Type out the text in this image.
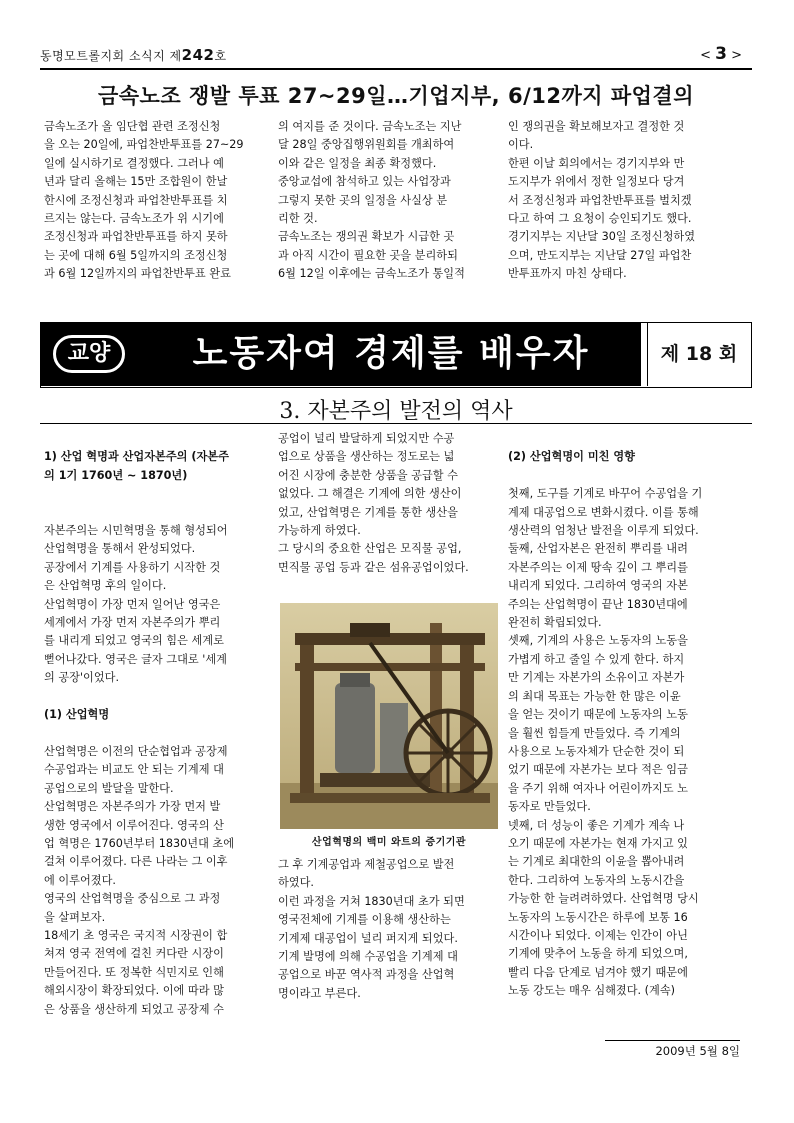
동명모트롤지회 소식지 제242호	< 3 >
금속노조 쟁발 투표 27~29일…기업지부, 6/12까지 파업결의
금속노조가 올 임단협 관련 조정신청
을 오는 20일에, 파업찬반투표를 27~29
일에 실시하기로 결정했다. 그러나 예
년과 달리 올해는 15만 조합원이 한날
한시에 조정신청과 파업찬반투표를 치
르지는 않는다. 금속노조가 위 시기에
조정신청과 파업찬반투표를 하지 못하
는 곳에 대해 6월 5일까지의 조정신청
과 6월 12일까지의 파업찬반투표 완료
의 여지를 준 것이다. 금속노조는 지난
달 28일 중앙집행위원회를 개최하여
이와 같은 일정을 최종 확정했다.
중앙교섭에 참석하고 있는 사업장과
그렇지 못한 곳의 일정을 사실상 분
리한 것.
금속노조는 쟁의권 확보가 시급한 곳
과 아직 시간이 필요한 곳을 분리하되
6월 12일 이후에는 금속노조가 통일적
인 쟁의권을 확보해보자고 결정한 것
이다.
한편 이날 회의에서는 경기지부와 만
도지부가 위에서 정한 일정보다 당겨
서 조정신청과 파업찬반투표를 벌치겠
다고 하여 그 요청이 승인되기도 했다.
경기지부는 지난달 30일 조정신청하였
으며, 만도지부는 지난달 27일 파업찬
반투표까지 마친 상태다.
교양	노동자여 경제를 배우자	제 18 회
3. 자본주의 발전의 역사

1) 산업 혁명과 산업자본주의 (자본주
의 1기 1760년 ~ 1870년)

자본주의는 시민혁명을 통해 형성되어
산업혁명을 통해서 완성되었다.
공장에서 기계를 사용하기 시작한 것
은 산업혁명 후의 일이다.
산업혁명이 가장 먼저 일어난 영국은
세계에서 가장 먼저 자본주의가 뿌리
를 내리게 되었고 영국의 힘은 세계로
뻗어나갔다. 영국은 글자 그대로 '세계
의 공장'이었다.

(1) 산업혁명

산업혁명은 이전의 단순협업과 공장제
수공업과는 비교도 안 되는 기계제 대
공업으로의 발달을 말한다.
산업혁명은 자본주의가 가장 먼저 발
생한 영국에서 이루어진다. 영국의 산
업 혁명은 1760년부터 1830년대 초에
걸쳐 이루어졌다. 다른 나라는 그 이후
에 이루어졌다.
영국의 산업혁명을 중심으로 그 과정
을 살펴보자.
18세기 초 영국은 국지적 시장권이 합
쳐져 영국 전역에 걸친 커다란 시장이
만들어진다. 또 정복한 식민지로 인해
해외시장이 확장되었다. 이에 따라 많
은 상품을 생산하게 되었고 공장제 수

공업이 널리 발달하게 되었지만 수공
업으로 상품을 생산하는 정도로는 넓
어진 시장에 충분한 상품을 공급할 수
없었다. 그 해결은 기계에 의한 생산이
었고, 산업혁명은 기계를 통한 생산을
가능하게 하였다.
그 당시의 중요한 산업은 모직물 공업,
면직물 공업 등과 같은 섬유공업이었다.
산업혁명의 백미 와트의 증기기관
그 후 기계공업과 제철공업으로 발전
하였다.
이런 과정을 거쳐 1830년대 초가 되면
영국전체에 기계를 이용해 생산하는
기계제 대공업이 널리 퍼지게 되었다.
기계 발명에 의해 수공업을 기계제 대
공업으로 바꾼 역사적 과정을 산업혁
명이라고 부른다.

(2) 산업혁명이 미친 영향

첫째, 도구를 기계로 바꾸어 수공업을 기
계제 대공업으로 변화시켰다. 이를 통해
생산력의 엄청난 발전을 이루게 되었다.
둘째, 산업자본은 완전히 뿌리를 내려
자본주의는 이제 땅속 깊이 그 뿌리를
내리게 되었다. 그리하여 영국의 자본
주의는 산업혁명이 끝난 1830년대에
완전히 확립되었다.
셋째, 기계의 사용은 노동자의 노동을
가볍게 하고 줄일 수 있게 한다. 하지
만 기계는 자본가의 소유이고 자본가
의 최대 목표는 가능한 한 많은 이윤
을 얻는 것이기 때문에 노동자의 노동
을 훨씬 힘들게 만들었다. 즉 기계의
사용으로 노동자체가 단순한 것이 되
었기 때문에 자본가는 보다 적은 임금
을 주기 위해 여자나 어린이까지도 노
동자로 만들었다.
넷째, 더 성능이 좋은 기계가 계속 나
오기 때문에 자본가는 현재 가지고 있
는 기계로 최대한의 이윤을 뽑아내려
한다. 그리하여 노동자의 노동시간을
가능한 한 늘려려하였다. 산업혁명 당시
노동자의 노동시간은 하루에 보통 16
시간이나 되었다. 이제는 인간이 아닌
기계에 맞추어 노동을 하게 되었으며,
빨리 다음 단계로 넘겨야 했기 때문에
노동 강도는 매우 심해졌다. (계속)

2009년 5월 8일
